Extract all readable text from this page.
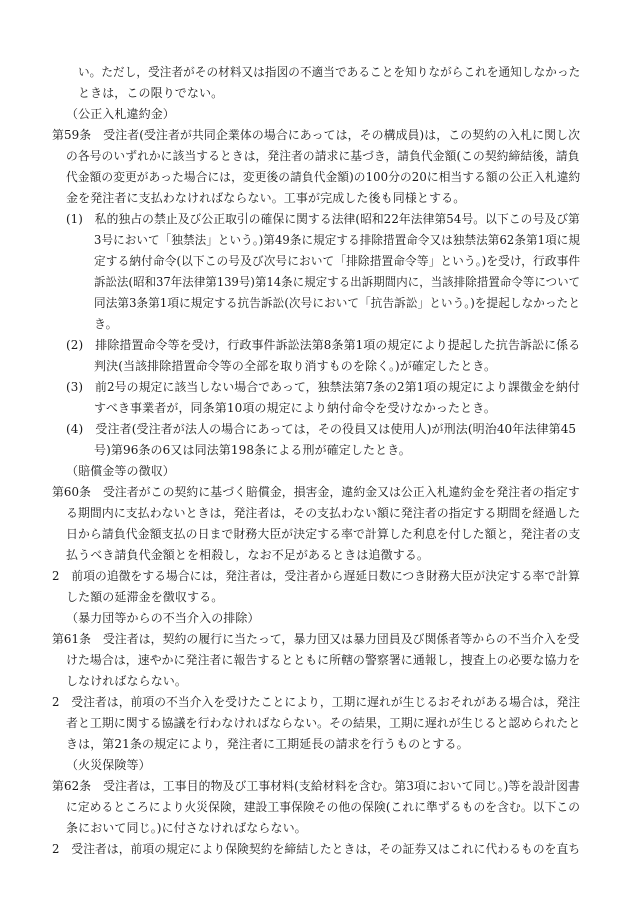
い。ただし，受注者がその材料又は指図の不適当であることを知りながらこれを通知しなかった
ときは，この限りでない。
（公正入札違約金）
第59条　受注者(受注者が共同企業体の場合にあっては，その構成員)は，この契約の入札に関し次
の各号のいずれかに該当するときは，発注者の請求に基づき，請負代金額(この契約締結後，請負
代金額の変更があった場合には，変更後の請負代金額)の100分の20に相当する額の公正入札違約
金を発注者に支払わなければならない。工事が完成した後も同様とする。
(1)　私的独占の禁止及び公正取引の確保に関する法律(昭和22年法律第54号。以下この号及び第
3号において「独禁法」という。)第49条に規定する排除措置命令又は独禁法第62条第1項に規
定する納付命令(以下この号及び次号において「排除措置命令等」という。)を受け，行政事件
訴訟法(昭和37年法律第139号)第14条に規定する出訴期間内に，当該排除措置命令等について
同法第3条第1項に規定する抗告訴訟(次号において「抗告訴訟」という。)を提起しなかったと
き。
(2)　排除措置命令等を受け，行政事件訴訟法第8条第1項の規定により提起した抗告訴訟に係る
判決(当該排除措置命令等の全部を取り消すものを除く。)が確定したとき。
(3)　前2号の規定に該当しない場合であって，独禁法第7条の2第1項の規定により課徴金を納付
すべき事業者が，同条第10項の規定により納付命令を受けなかったとき。
(4)　受注者(受注者が法人の場合にあっては，その役員又は使用人)が刑法(明治40年法律第45
号)第96条の6又は同法第198条による刑が確定したとき。
（賠償金等の徴収）
第60条　受注者がこの契約に基づく賠償金，損害金，違約金又は公正入札違約金を発注者の指定す
る期間内に支払わないときは，発注者は，その支払わない額に発注者の指定する期間を経過した
日から請負代金額支払の日まで財務大臣が決定する率で計算した利息を付した額と，発注者の支
払うべき請負代金額とを相殺し，なお不足があるときは追徴する。
2　前項の追徴をする場合には，発注者は，受注者から遅延日数につき財務大臣が決定する率で計算
した額の延滞金を徴収する。
（暴力団等からの不当介入の排除）
第61条　受注者は，契約の履行に当たって，暴力団又は暴力団員及び関係者等からの不当介入を受
けた場合は，速やかに発注者に報告するとともに所轄の警察署に通報し，捜査上の必要な協力を
しなければならない。
2　受注者は，前項の不当介入を受けたことにより，工期に遅れが生じるおそれがある場合は，発注
者と工期に関する協議を行わなければならない。その結果，工期に遅れが生じると認められたと
きは，第21条の規定により，発注者に工期延長の請求を行うものとする。
（火災保険等）
第62条　受注者は，工事目的物及び工事材料(支給材料を含む。第3項において同じ。)等を設計図書
に定めるところにより火災保険，建設工事保険その他の保険(これに準ずるものを含む。以下この
条において同じ。)に付さなければならない。
2　受注者は，前項の規定により保険契約を締結したときは，その証券又はこれに代わるものを直ち
